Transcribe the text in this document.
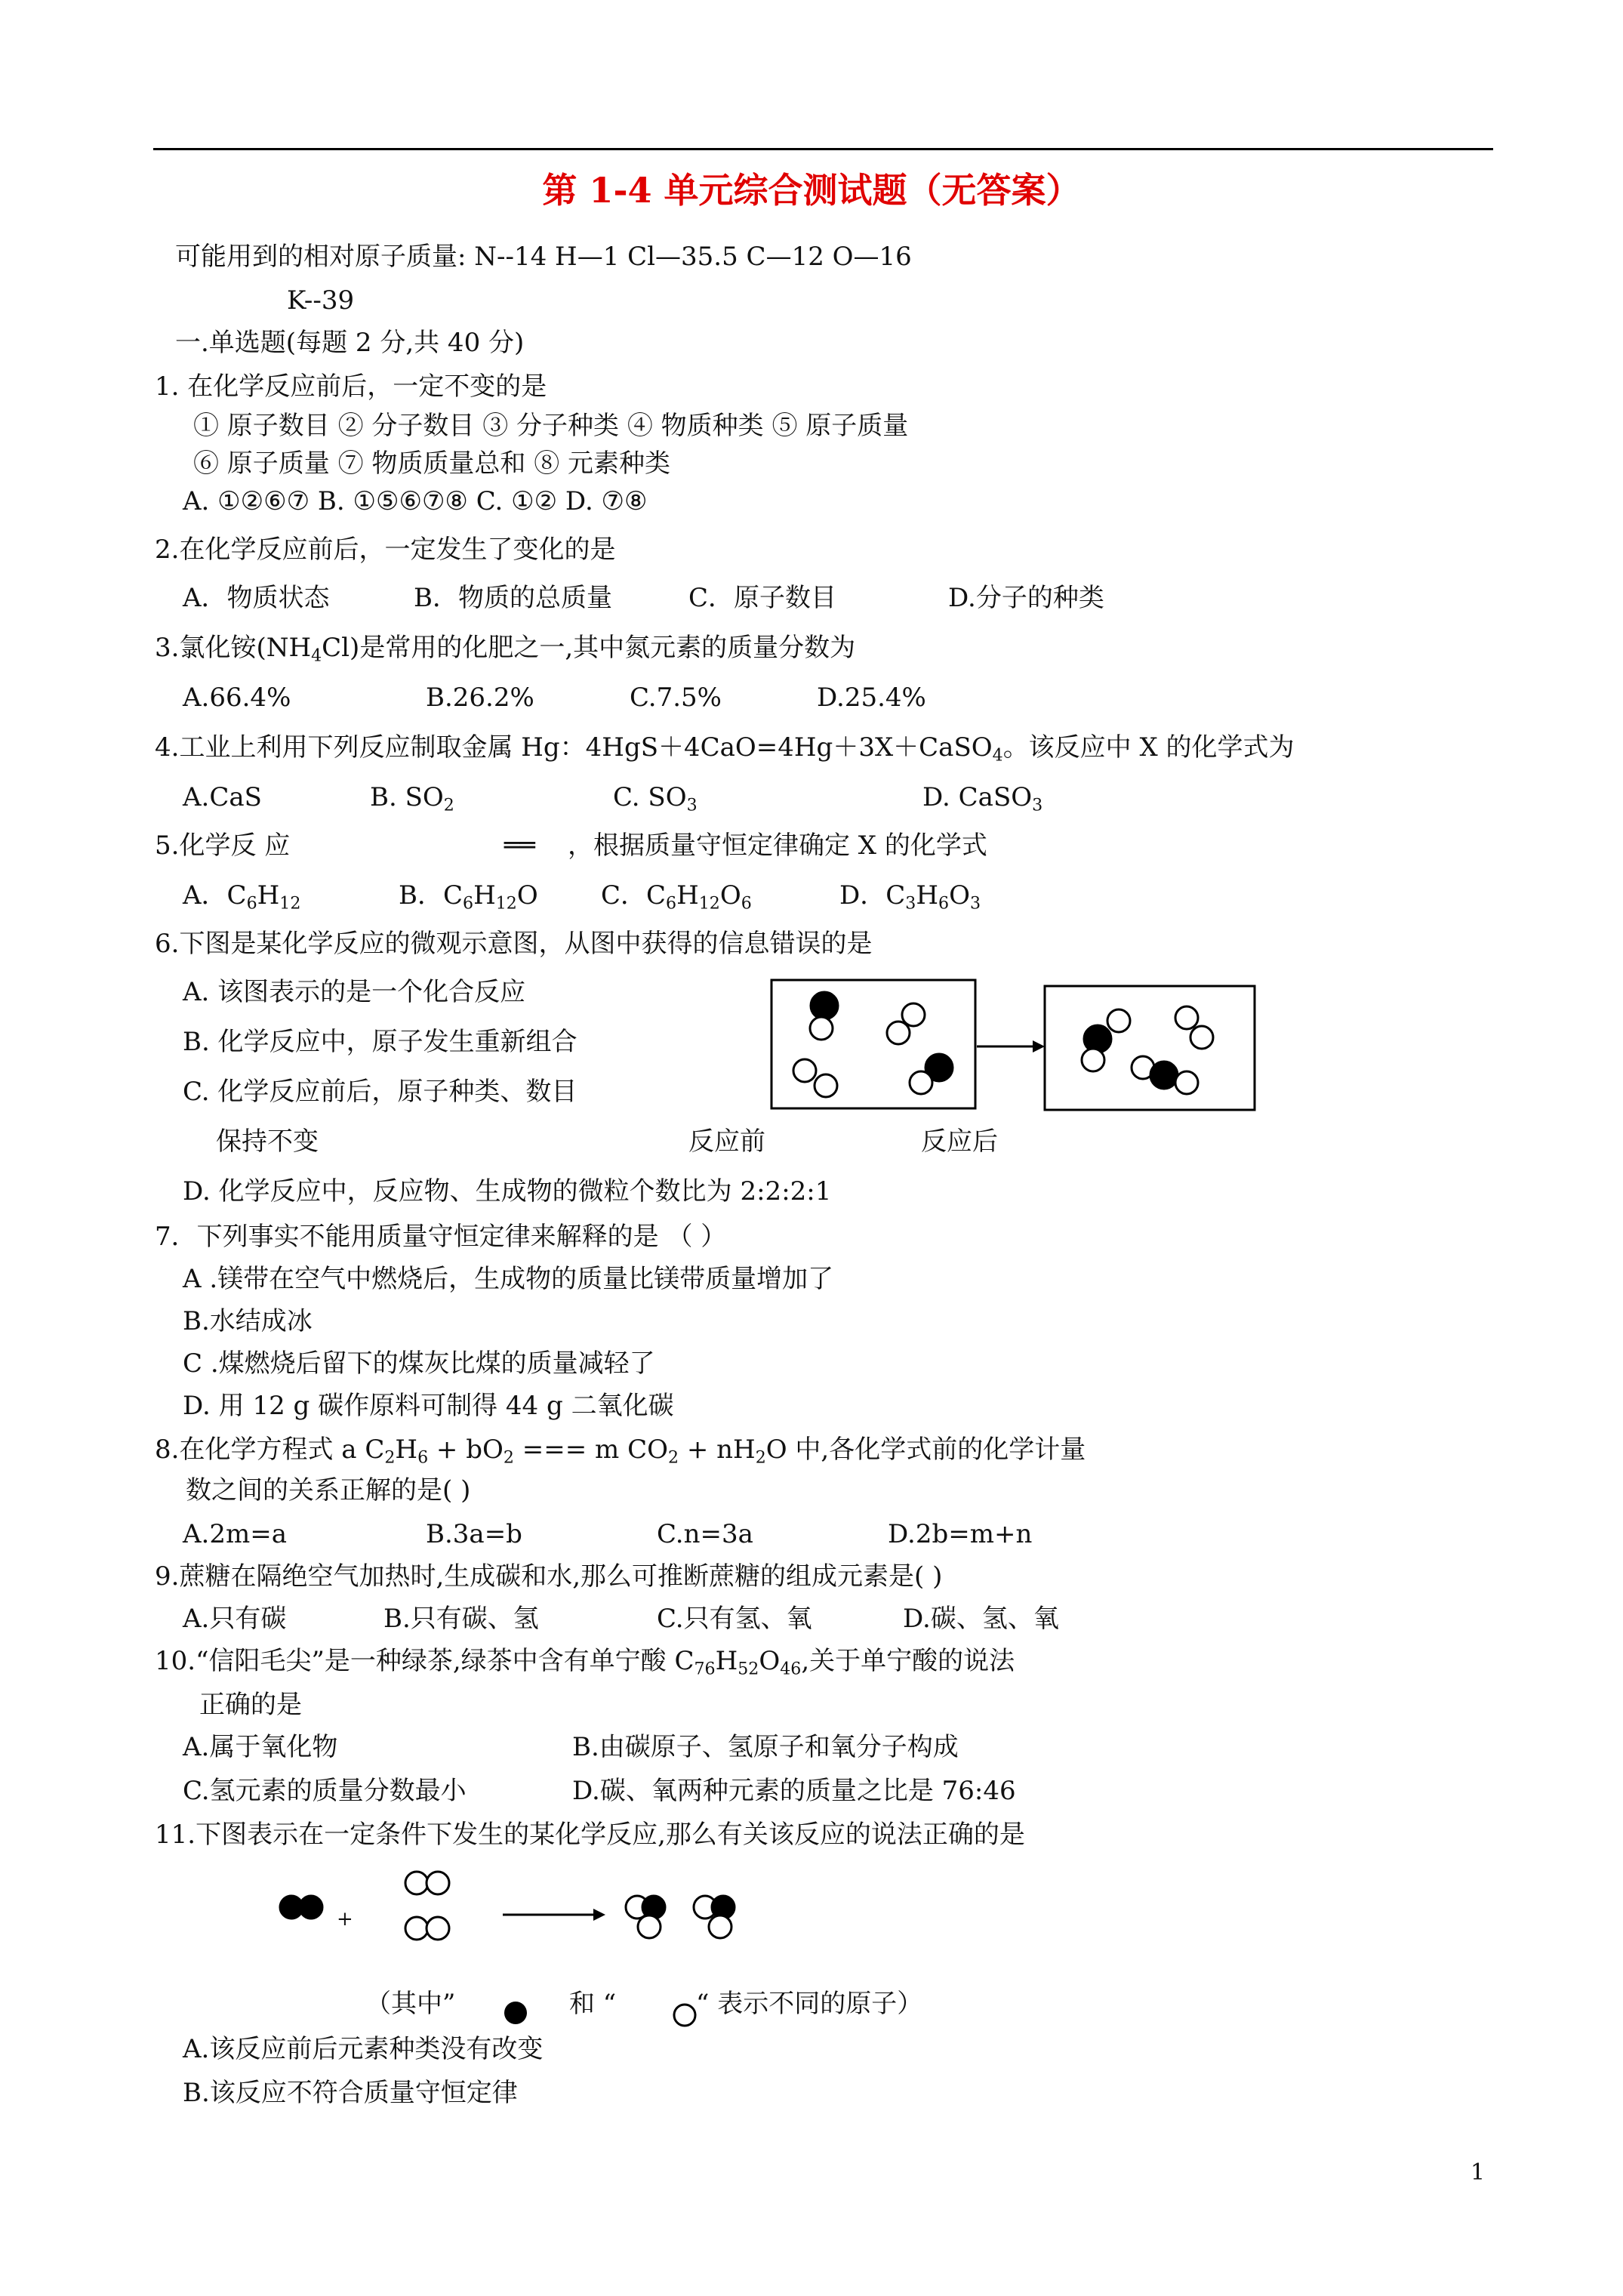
第 1-4 单元综合测试题（无答案）
可能用到的相对原子质量: N--14 H—1 Cl—35.5 C—12 O—16
K--39
一.单选题(每题 2 分,共 40 分)
1. 在化学反应前后，一定不变的是
① 原子数目 ② 分子数目 ③ 分子种类 ④ 物质种类 ⑤ 原子质量
⑥ 原子质量 ⑦ 物质质量总和 ⑧ 元素种类
A. ①②⑥⑦ B. ①⑤⑥⑦⑧ C. ①② D. ⑦⑧
2.在化学反应前后，一定发生了变化的是
A．物质状态	B．物质的总质量	C．原子数目	D.分子的种类
3.氯化铵$(NH_4Cl)$是常用的化肥之一,其中氮元素的质量分数为
A.66.4%	B.26.2%	C.7.5%	D.25.4%
4.工业上利用下列反应制取金属 Hg：4HgS＋4CaO=4Hg＋3X＋CaSO$_4$。该反应中 X 的化学式为
A.CaS	B. $SO_2$	C. $SO_3$	D. CaSO$_3$
5.化学反 应	══ ，根据质量守恒定律确定 X 的化学式
A．$C_6H_{12}$	B．$C_6H_{12}O$ C．$C_6H_{12}O_6$	D．$C_3H_6O_3$
6.下图是某化学反应的微观示意图，从图中获得的信息错误的是
A. 该图表示的是一个化合反应
B. 化学反应中，原子发生重新组合
C. 化学反应前后，原子种类、数目
保持不变	反应前	反应后
D. 化学反应中，反应物、生成物的微粒个数比为 2:2:2:1
7．下列事实不能用质量守恒定律来解释的是 （ ）
A .镁带在空气中燃烧后，生成物的质量比镁带质量增加了
B.水结成冰
C .煤燃烧后留下的煤灰比煤的质量减轻了
D. 用 12 g 碳作原料可制得 44 g 二氧化碳
8.在化学方程式 a $C_2H_6 + bO_2$ === m $CO_2 + nH_2O$ 中,各化学式前的化学计量
数之间的关系正解的是( )
A.2m=a	B.3a=b	C.n=3a	D.2b=m+n
9.蔗糖在隔绝空气加热时,生成碳和水,那么可推断蔗糖的组成元素是( )
A.只有碳	B.只有碳、氢	C.只有氢、氧	D.碳、氢、氧
10.“信阳毛尖”是一种绿茶,绿茶中含有单宁酸 $C_{76}H_{52}O_{46}$,关于单宁酸的说法
正确的是
A.属于氧化物	B.由碳原子、氢原子和氧分子构成
C.氢元素的质量分数最小	D.碳、氧两种元素的质量之比是 76:46
11.下图表示在一定条件下发生的某化学反应,那么有关该反应的说法正确的是
+
（其中”	和 “	“ 表示不同的原子）
A.该反应前后元素种类没有改变
B.该反应不符合质量守恒定律
1
